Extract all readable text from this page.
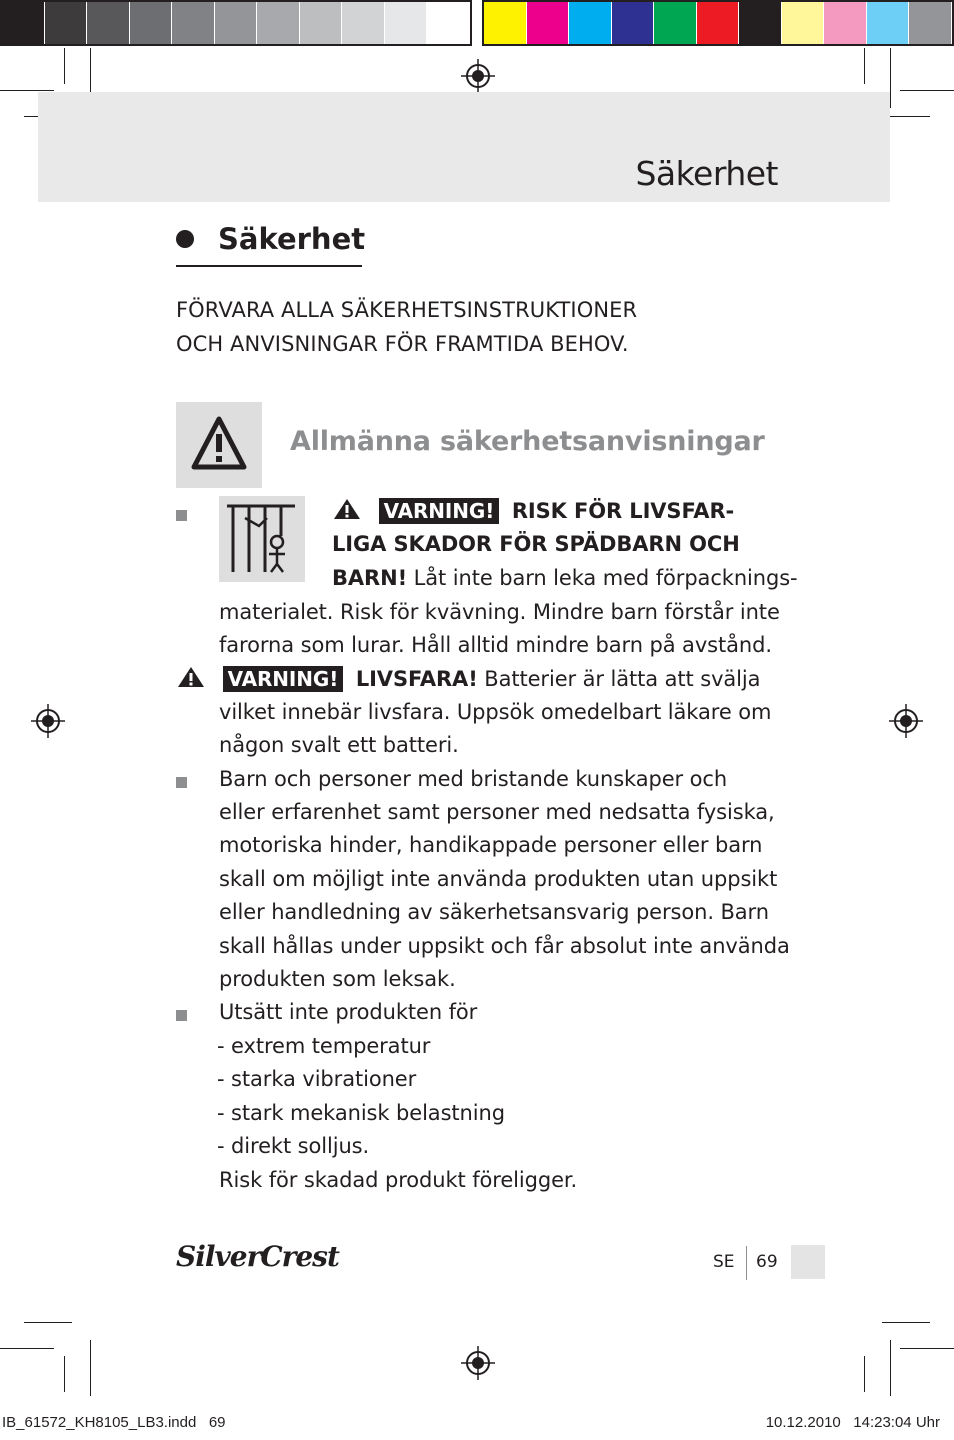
Säkerhet
Säkerhet
FÖRVARA ALLA SÄKERHETSINSTRUKTIONER
OCH ANVISNINGAR FÖR FRAMTIDA BEHOV.
Allmänna säkerhetsanvisningar
VARNING! RISK FÖR LIVSFAR-
LIGA SKADOR FÖR SPÄDBARN OCH
BARN! Låt inte barn leka med förpacknings-
materialet. Risk för kvävning. Mindre barn förstår inte
farorna som lurar. Håll alltid mindre barn på avstånd.
VARNING! LIVSFARA! Batterier är lätta att svälja
vilket innebär livsfara. Uppsök omedelbart läkare om
någon svalt ett batteri.
Barn och personer med bristande kunskaper och
eller erfarenhet samt personer med nedsatta fysiska,
motoriska hinder, handikappade personer eller barn
skall om möjligt inte använda produkten utan uppsikt
eller handledning av säkerhetsansvarig person. Barn
skall hållas under uppsikt och får absolut inte använda
produkten som leksak.
Utsätt inte produkten för
- extrem temperatur
- starka vibrationer
- stark mekanisk belastning
- direkt solljus.
Risk för skadad produkt föreligger.
SilverCrest	SE 69
IB_61572_KH8105_LB3.indd   69	10.12.2010   14:23:04 Uhr
